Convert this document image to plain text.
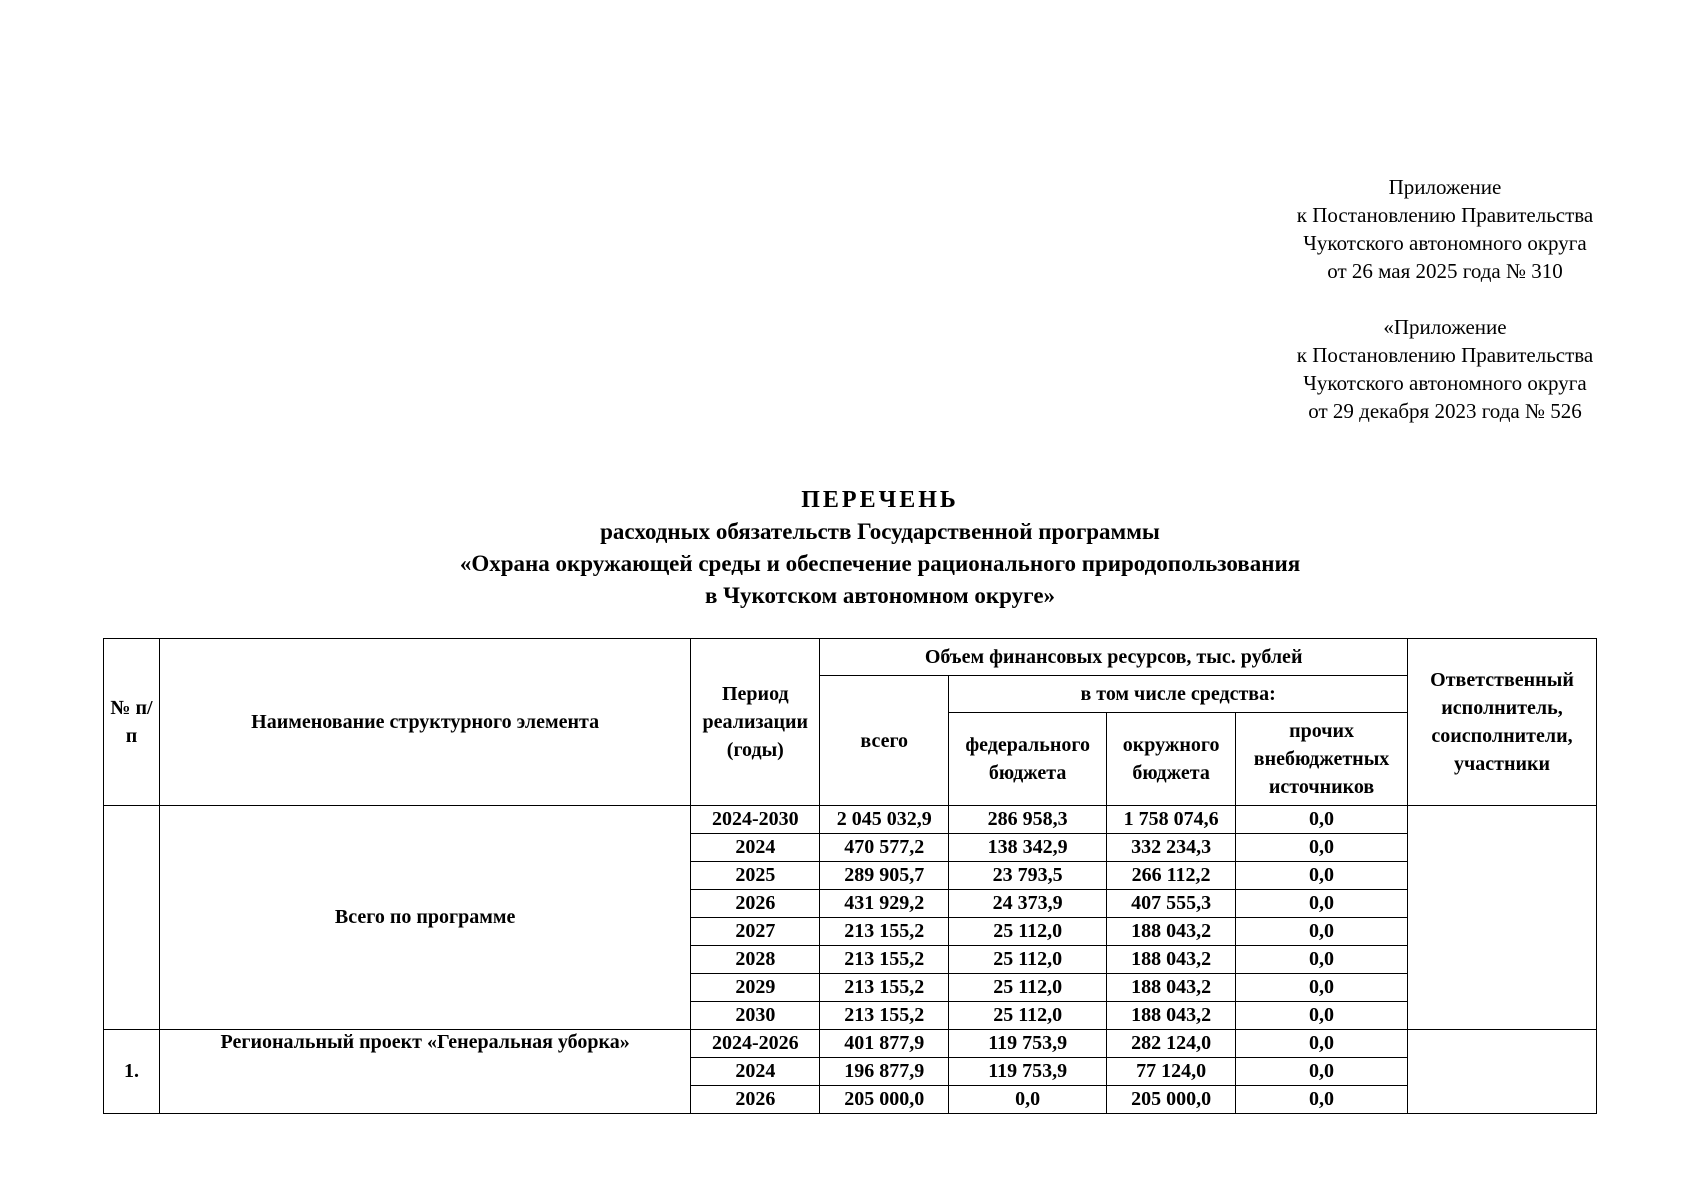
Приложение
к Постановлению Правительства
Чукотского автономного округа
от 26 мая 2025 года № 310
«Приложение
к Постановлению Правительства
Чукотского автономного округа
от 29 декабря 2023 года № 526
ПЕРЕЧЕНЬ
расходных обязательств Государственной программы
«Охрана окружающей среды и обеспечение рационального природопользования
в Чукотском автономном округе»
№ п/п	Наименование структурного элемента	Период реализации (годы)	Объем финансовых ресурсов, тыс. рублей				Ответственный исполнитель, соисполнители, участники
			всего	в том числе средства:			
				федерального бюджета	окружного бюджета	прочих внебюджетных источников	
	Всего по программе	2024-2030	2 045 032,9	286 958,3	1 758 074,6	0,0	
		2024	470 577,2	138 342,9	332 234,3	0,0	
		2025	289 905,7	23 793,5	266 112,2	0,0	
		2026	431 929,2	24 373,9	407 555,3	0,0	
		2027	213 155,2	25 112,0	188 043,2	0,0	
		2028	213 155,2	25 112,0	188 043,2	0,0	
		2029	213 155,2	25 112,0	188 043,2	0,0	
		2030	213 155,2	25 112,0	188 043,2	0,0	
1.	Региональный проект «Генеральная уборка»	2024-2026	401 877,9	119 753,9	282 124,0	0,0	
		2024	196 877,9	119 753,9	77 124,0	0,0	
		2026	205 000,0	0,0	205 000,0	0,0	
